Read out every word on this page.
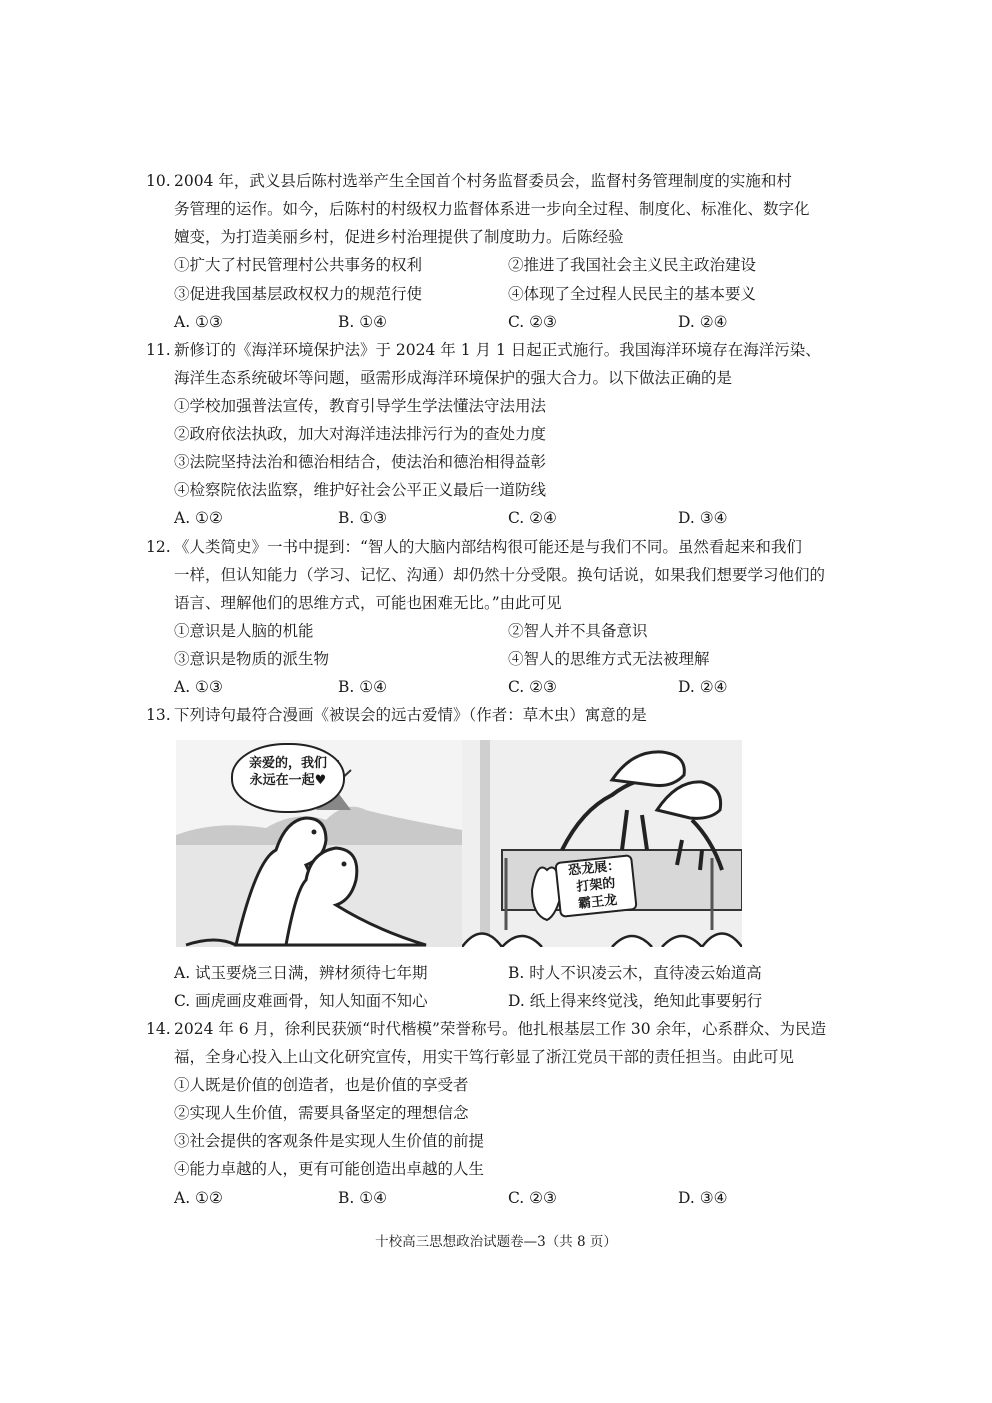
10. 2004 年，武义县后陈村选举产生全国首个村务监督委员会，监督村务管理制度的实施和村
务管理的运作。如今，后陈村的村级权力监督体系进一步向全过程、制度化、标准化、数字化
嬗变，为打造美丽乡村，促进乡村治理提供了制度助力。后陈经验
①扩大了村民管理村公共事务的权利	②推进了我国社会主义民主政治建设
③促进我国基层政权权力的规范行使	④体现了全过程人民民主的基本要义
A. ①③	B. ①④	C. ②③	D. ②④
11. 新修订的《海洋环境保护法》于 2024 年 1 月 1 日起正式施行。我国海洋环境存在海洋污染、
海洋生态系统破坏等问题，亟需形成海洋环境保护的强大合力。以下做法正确的是
①学校加强普法宣传，教育引导学生学法懂法守法用法
②政府依法执政，加大对海洋违法排污行为的查处力度
③法院坚持法治和德治相结合，使法治和德治相得益彰
④检察院依法监察，维护好社会公平正义最后一道防线
A. ①②	B. ①③	C. ②④	D. ③④
12. 《人类简史》一书中提到：“智人的大脑内部结构很可能还是与我们不同。虽然看起来和我们
一样，但认知能力（学习、记忆、沟通）却仍然十分受限。换句话说，如果我们想要学习他们的
语言、理解他们的思维方式，可能也困难无比。”由此可见
①意识是人脑的机能	②智人并不具备意识
③意识是物质的派生物	④智人的思维方式无法被理解
A. ①③	B. ①④	C. ②③	D. ②④
13. 下列诗句最符合漫画《被误会的远古爱情》（作者：草木虫）寓意的是
亲爱的，我们
永远在一起♥
恐龙展：
打架的
霸王龙
A. 试玉要烧三日满，辨材须待七年期	B. 时人不识凌云木，直待凌云始道高
C. 画虎画皮难画骨，知人知面不知心	D. 纸上得来终觉浅，绝知此事要躬行
14. 2024 年 6 月，徐利民获颁“时代楷模”荣誉称号。他扎根基层工作 30 余年，心系群众、为民造
福，全身心投入上山文化研究宣传，用实干笃行彰显了浙江党员干部的责任担当。由此可见
①人既是价值的创造者，也是价值的享受者
②实现人生价值，需要具备坚定的理想信念
③社会提供的客观条件是实现人生价值的前提
④能力卓越的人，更有可能创造出卓越的人生
A. ①②	B. ①④	C. ②③	D. ③④
十校高三思想政治试题卷—3（共 8 页）
